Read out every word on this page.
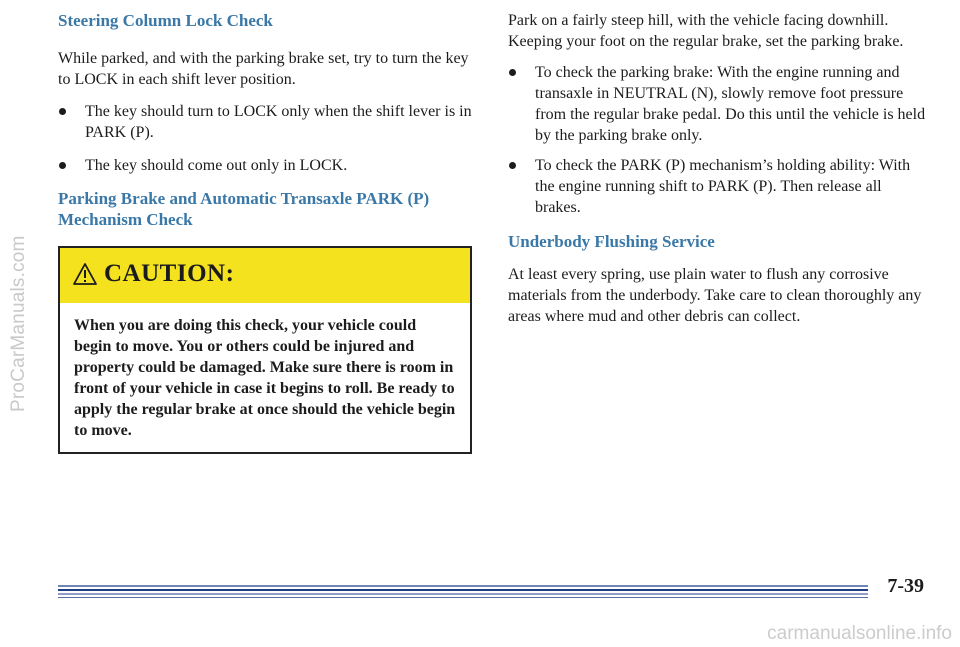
ProCarManuals.com
Steering Column Lock Check

While parked, and with the parking brake set, try to turn the key to LOCK in each shift lever position.

The key should turn to LOCK only when the shift lever is in PARK (P).
The key should come out only in LOCK.
Parking Brake and Automatic Transaxle PARK (P) Mechanism Check
CAUTION:
When you are doing this check, your vehicle could begin to move. You or others could be injured and property could be damaged. Make sure there is room in front of your vehicle in case it begins to roll. Be ready to apply the regular brake at once should the vehicle begin to move.

Park on a fairly steep hill, with the vehicle facing downhill. Keeping your foot on the regular brake, set the parking brake.

To check the parking brake: With the engine running and transaxle in NEUTRAL (N), slowly remove foot pressure from the regular brake pedal. Do this until the vehicle is held by the parking brake only.
To check the PARK (P) mechanism’s holding ability: With the engine running shift to PARK (P). Then release all brakes.
Underbody Flushing Service

At least every spring, use plain water to flush any corrosive materials from the underbody. Take care to clean thoroughly any areas where mud and other debris can collect.

7-39
carmanualsonline.info
